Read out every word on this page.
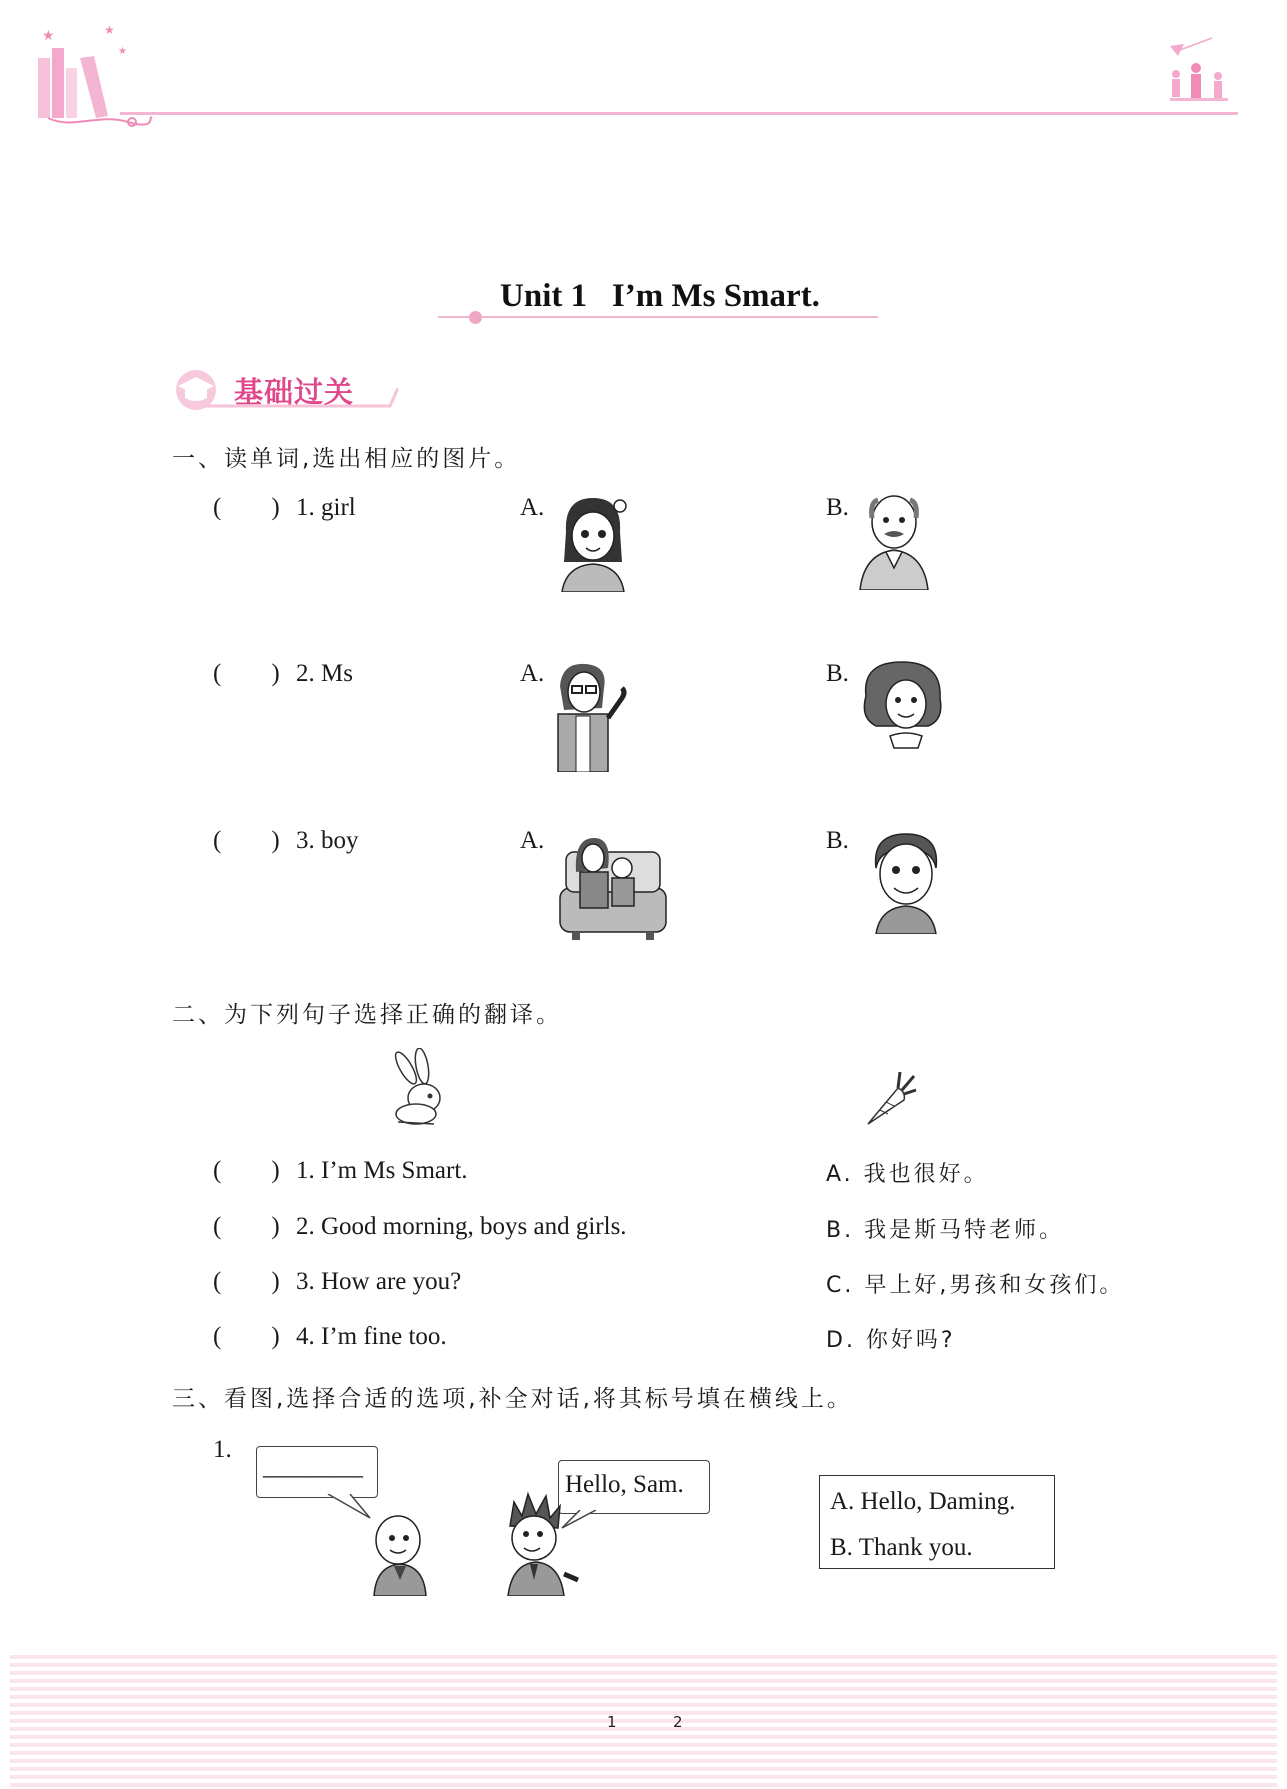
★	★
★
Unit 1   I’m Ms Smart.
基础过关
一、读单词,选出相应的图片。
(        ) 1. girl	A.	B.
(        ) 2. Ms	A.	B.
(        ) 3. boy	A.	B.
二、为下列句子选择正确的翻译。
(        ) 1. I’m Ms Smart.	A. 我也很好。
(        ) 2. Good morning, boys and girls.	B. 我是斯马特老师。
(        ) 3. How are you?	C. 早上好,男孩和女孩们。
(        ) 4. I’m fine too.	D. 你好吗?
三、看图,选择合适的选项,补全对话,将其标号填在横线上。
1.
________
Hello, Sam.
A. Hello, Daming.
B. Thank you.
1	2
